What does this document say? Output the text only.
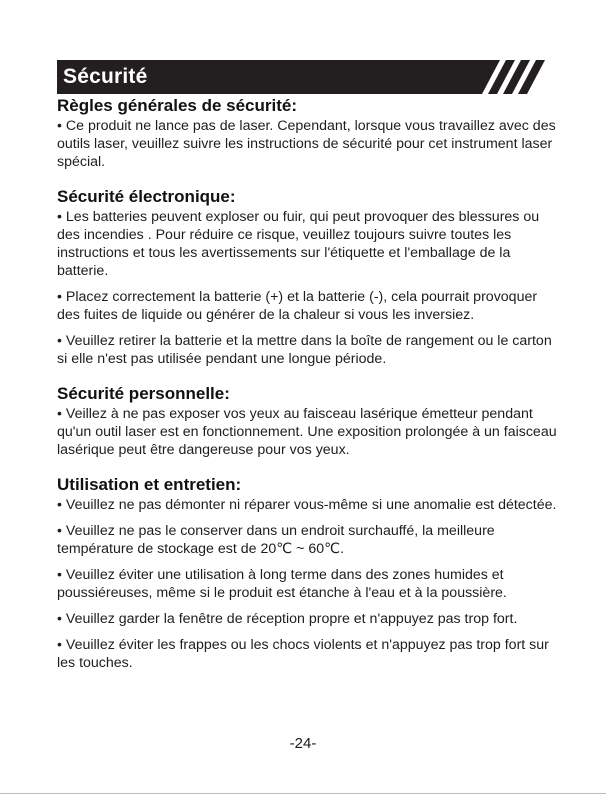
Sécurité
Règles générales de sécurité:

• Ce produit ne lance pas de laser. Cependant, lorsque vous travaillez avec des outils laser, veuillez suivre les instructions de sécurité pour cet instrument laser spécial.

Sécurité électronique:

• Les batteries peuvent exploser ou fuir, qui peut provoquer des blessures ou des incendies . Pour réduire ce risque, veuillez toujours suivre toutes les instructions et tous les avertissements sur l'étiquette et l'emballage de la batterie.

• Placez correctement la batterie (+) et la batterie (-), cela pourrait provoquer des fuites de liquide ou générer de la chaleur si vous les inversiez.

• Veuillez retirer la batterie et la mettre dans la boîte de rangement ou le carton si elle n'est pas utilisée pendant une longue période.

Sécurité personnelle:

• Veillez à ne pas exposer vos yeux au faisceau lasérique émetteur pendant qu'un outil laser est en fonctionnement. Une exposition prolongée à un faisceau lasérique peut être dangereuse pour vos yeux.

Utilisation et entretien:

• Veuillez ne pas démonter ni réparer vous-même si une anomalie est détectée.

• Veuillez ne pas le conserver dans un endroit surchauffé, la meilleure température de stockage est de 20℃ ~ 60℃.

• Veuillez éviter une utilisation à long terme dans des zones humides et poussiéreuses, même si le produit est étanche à l'eau et à la poussière.

• Veuillez garder la fenêtre de réception propre et n'appuyez pas trop fort.

• Veuillez éviter les frappes ou les chocs violents et n'appuyez pas trop fort sur les touches.

-24-
